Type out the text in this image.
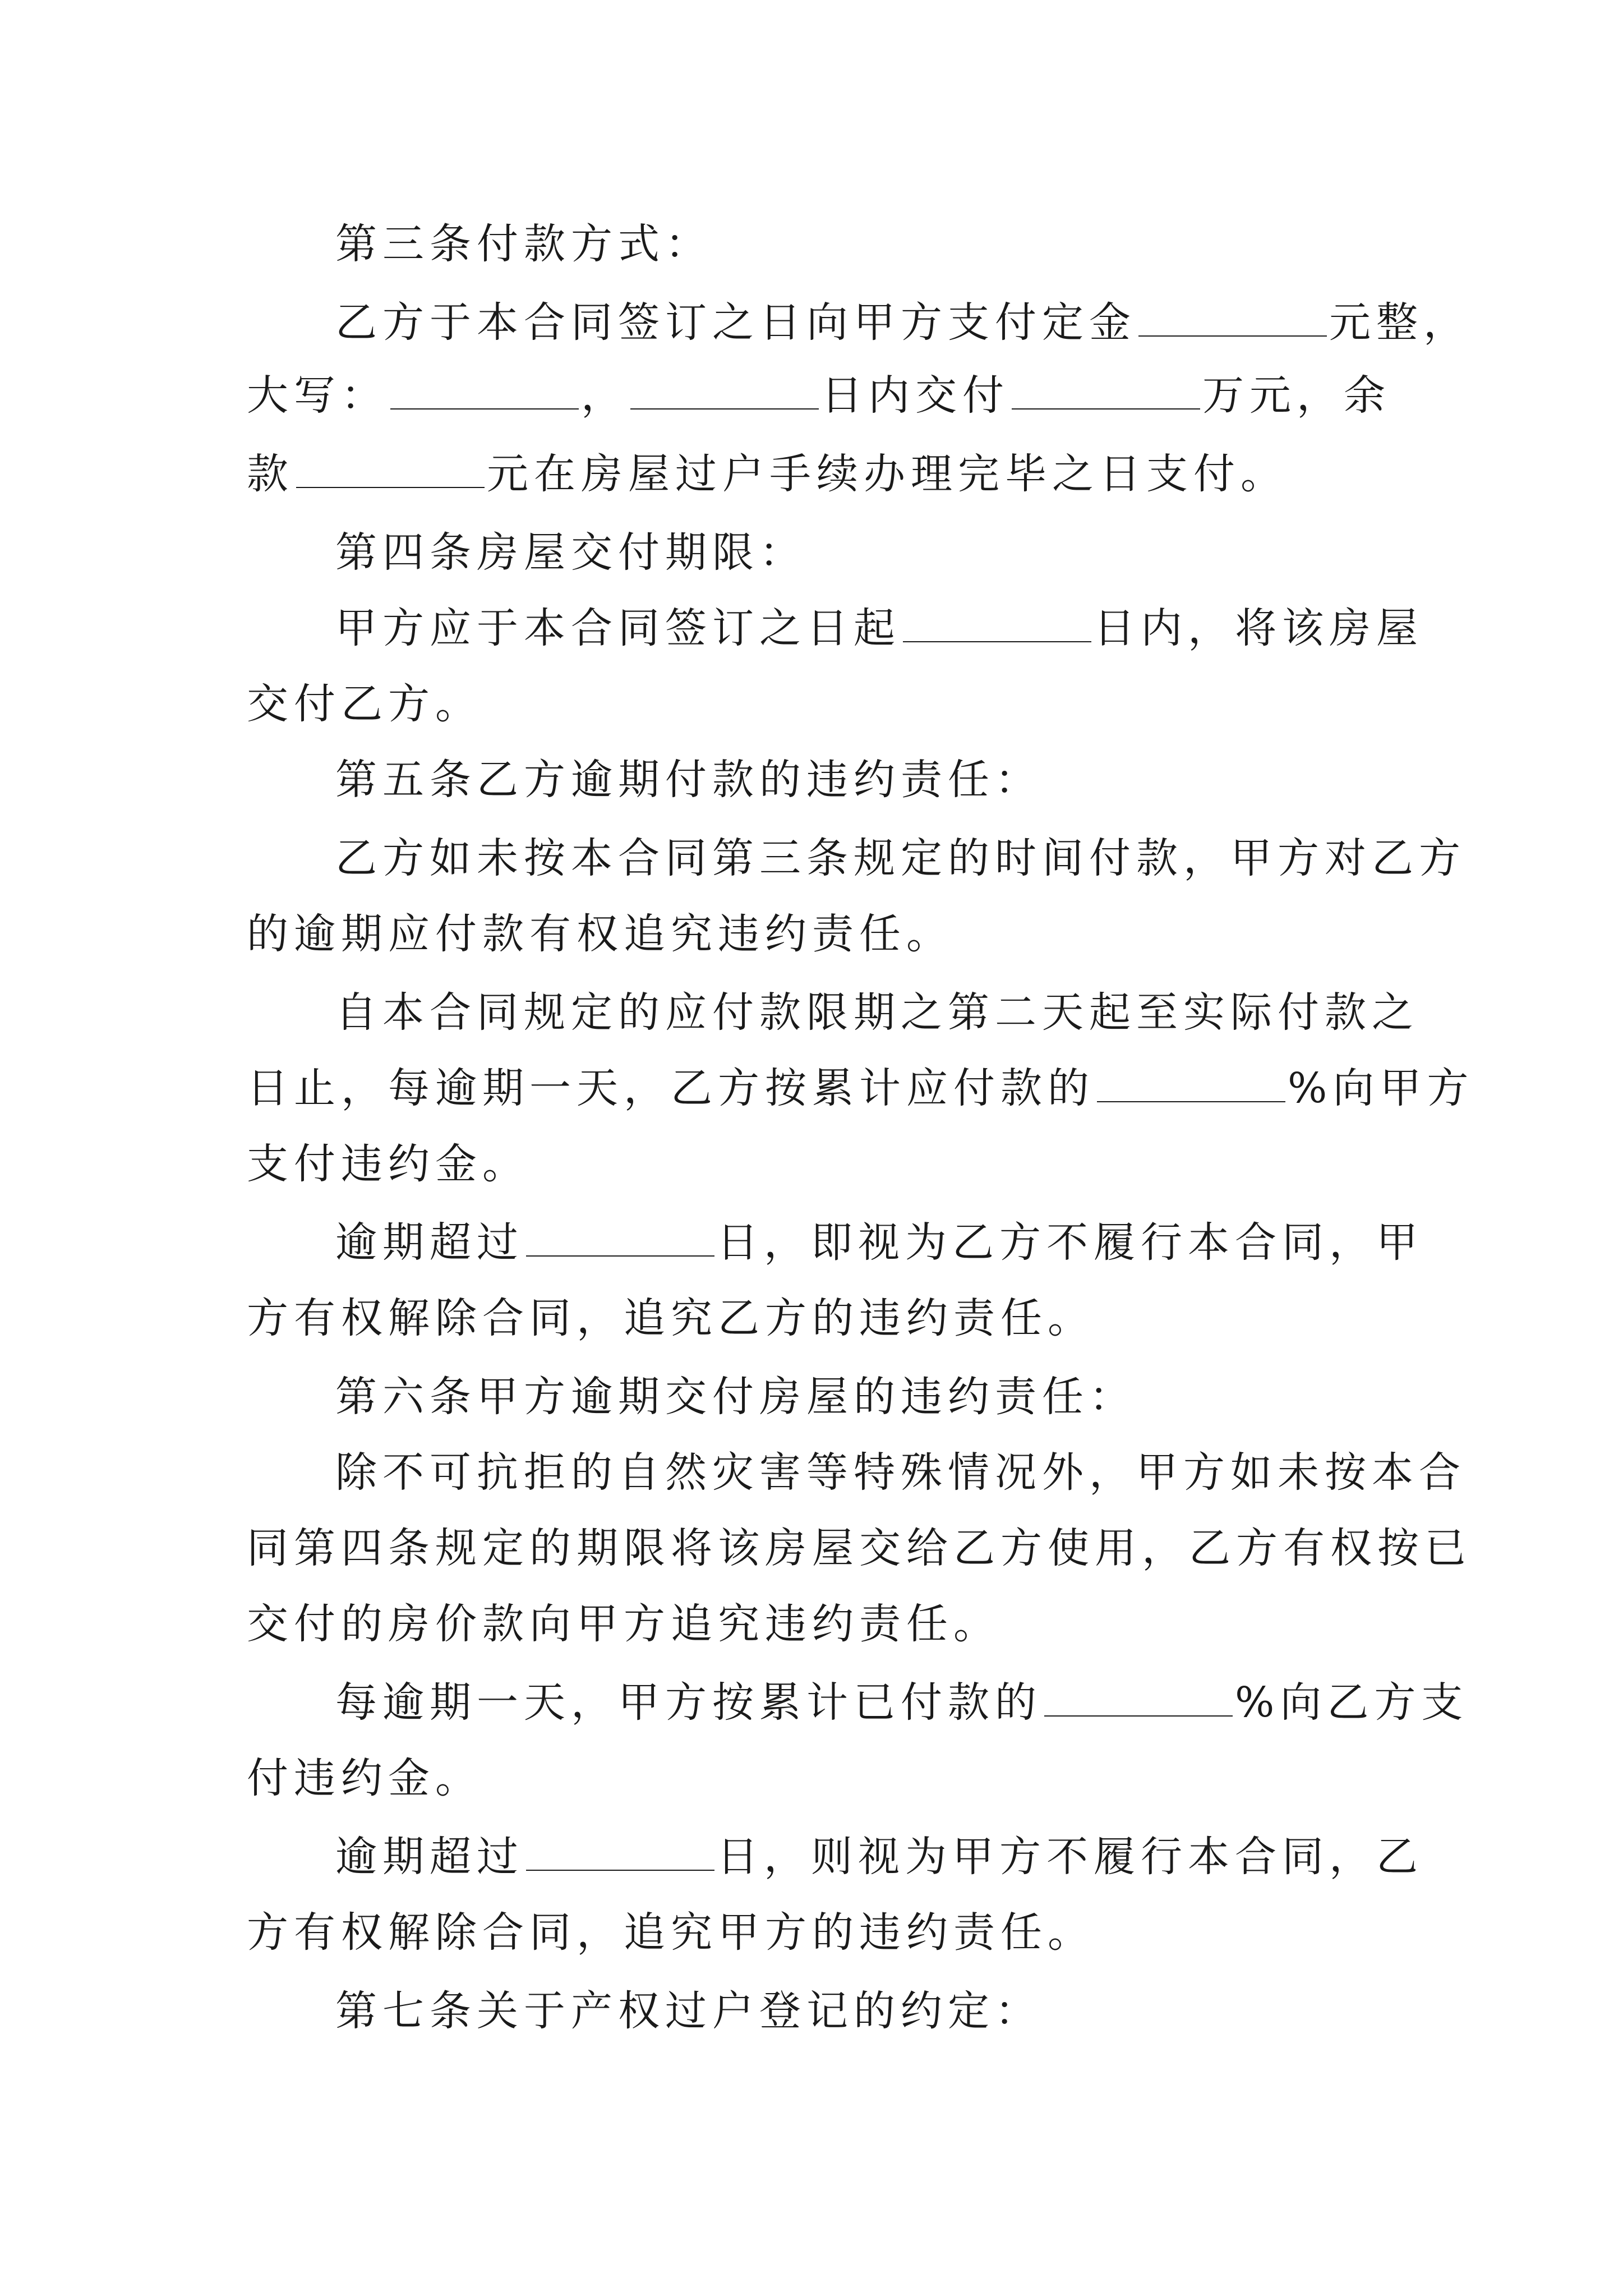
第三条付款方式：
乙方于本合同签订之日向甲方支付定金	元整，
大写：	，	日内交付	万元，余
款	元在房屋过户手续办理完毕之日支付。
第四条房屋交付期限：
甲方应于本合同签订之日起	日内，将该房屋
交付乙方。
第五条乙方逾期付款的违约责任：
乙方如未按本合同第三条规定的时间付款，甲方对乙方
的逾期应付款有权追究违约责任。
自本合同规定的应付款限期之第二天起至实际付款之
日止，每逾期一天，乙方按累计应付款的	%向甲方
支付违约金。
逾期超过	日，即视为乙方不履行本合同，甲
方有权解除合同，追究乙方的违约责任。
第六条甲方逾期交付房屋的违约责任：
除不可抗拒的自然灾害等特殊情况外，甲方如未按本合
同第四条规定的期限将该房屋交给乙方使用，乙方有权按已
交付的房价款向甲方追究违约责任。
每逾期一天，甲方按累计已付款的	%向乙方支
付违约金。
逾期超过	日，则视为甲方不履行本合同，乙
方有权解除合同，追究甲方的违约责任。
第七条关于产权过户登记的约定：
